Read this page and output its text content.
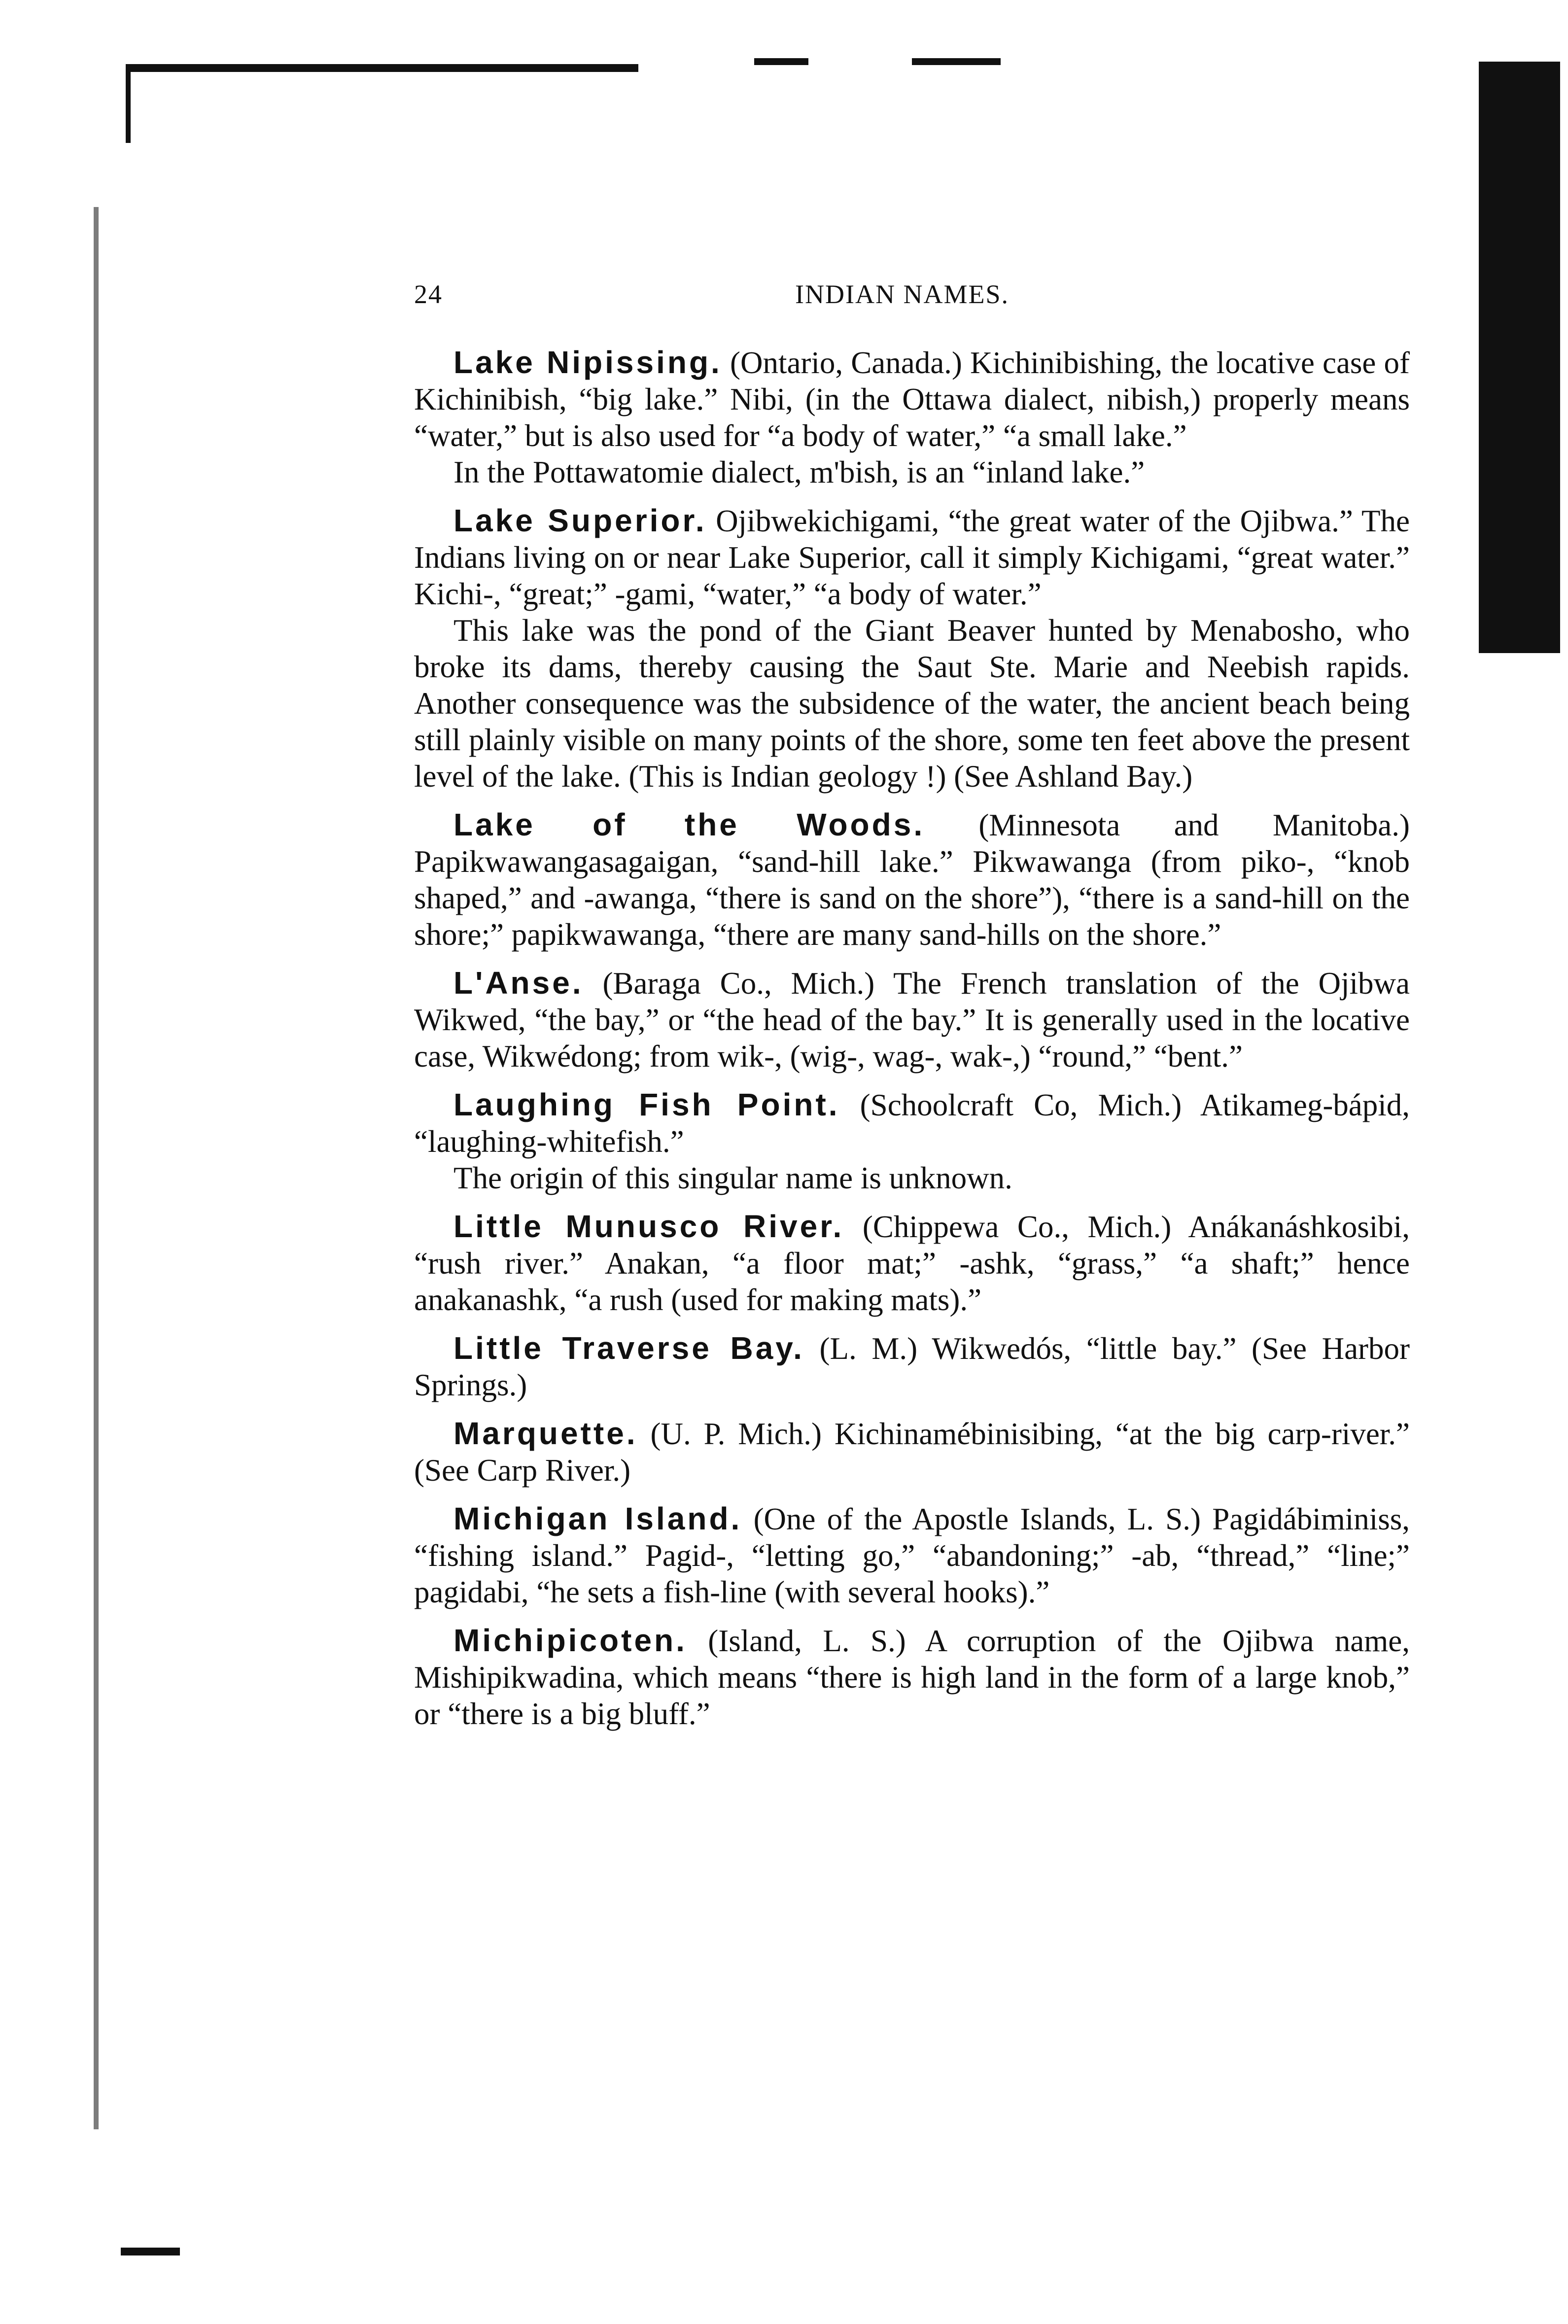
24	INDIAN NAMES.

Lake Nipissing. (Ontario, Canada.) Kichinibishing, the locative case of Kichinibish, “big lake.” Nibi, (in the Ottawa dialect, nibish,) properly means “water,” but is also used for “a body of water,” “a small lake.”

In the Pottawatomie dialect, m'bish, is an “inland lake.”

Lake Superior. Ojibwekichigami, “the great water of the Ojibwa.” The Indians living on or near Lake Superior, call it simply Kichigami, “great water.” Kichi-, “great;” -gami, “water,” “a body of water.”

This lake was the pond of the Giant Beaver hunted by Menabosho, who broke its dams, thereby causing the Saut Ste. Marie and Neebish rapids. Another consequence was the subsidence of the water, the ancient beach being still plainly visible on many points of the shore, some ten feet above the present level of the lake. (This is Indian geology !) (See Ashland Bay.)

Lake of the Woods. (Minnesota and Manitoba.) Papikwawangasagaigan, “sand-hill lake.” Pikwawanga (from piko-, “knob shaped,” and -awanga, “there is sand on the shore”), “there is a sand-hill on the shore;” papikwawanga, “there are many sand-hills on the shore.”

L'Anse. (Baraga Co., Mich.) The French translation of the Ojibwa Wikwed, “the bay,” or “the head of the bay.” It is generally used in the locative case, Wikwédong; from wik-, (wig-, wag-, wak-,) “round,” “bent.”

Laughing Fish Point. (Schoolcraft Co, Mich.) Atikameg-bápid, “laughing-whitefish.”

The origin of this singular name is unknown.

Little Munusco River. (Chippewa Co., Mich.) Anákanáshkosibi, “rush river.” Anakan, “a floor mat;” -ashk, “grass,” “a shaft;” hence anakanashk, “a rush (used for making mats).”

Little Traverse Bay. (L. M.) Wikwedós, “little bay.” (See Harbor Springs.)

Marquette. (U. P. Mich.) Kichinamébinisibing, “at the big carp-river.” (See Carp River.)

Michigan Island. (One of the Apostle Islands, L. S.) Pagidábiminiss, “fishing island.” Pagid-, “letting go,” “abandoning;” -ab, “thread,” “line;” pagidabi, “he sets a fish-line (with several hooks).”

Michipicoten. (Island, L. S.) A corruption of the Ojibwa name, Mishipikwadina, which means “there is high land in the form of a large knob,” or “there is a big bluff.”
